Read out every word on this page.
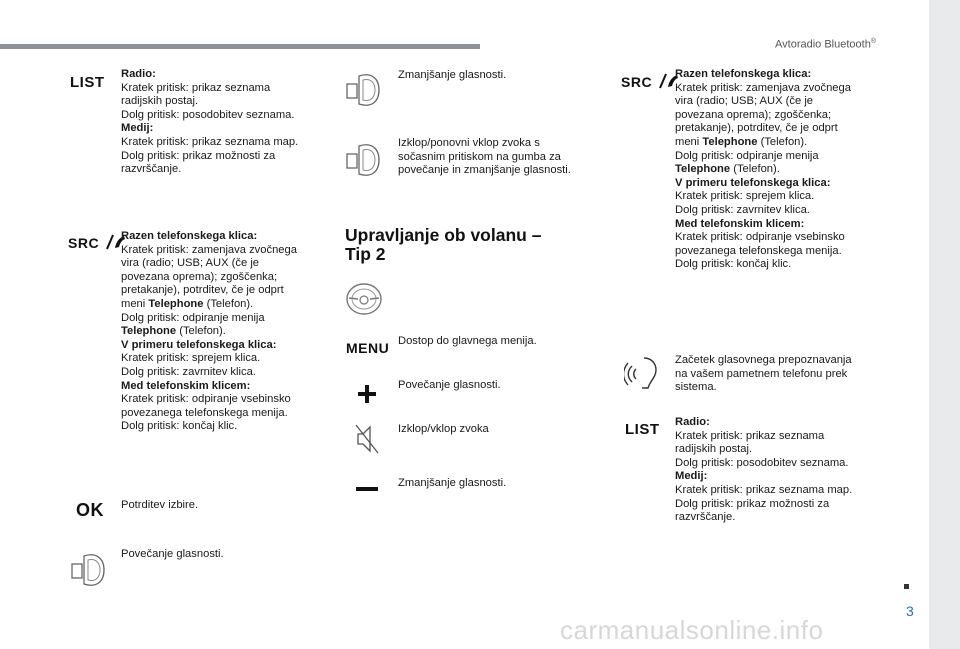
Avtoradio Bluetooth®
LIST Radio:
Kratek pritisk: prikaz seznama
radijskih postaj.
Dolg pritisk: posodobitev seznama.
Medij:
Kratek pritisk: prikaz seznama map.
Dolg pritisk: prikaz možnosti za
razvrščanje.
SRC	Razen telefonskega klica:
Kratek pritisk: zamenjava zvočnega
vira (radio; USB; AUX (če je
povezana oprema); zgoščenka;
pretakanje), potrditev, če je odprt
meni Telephone (Telefon).
Dolg pritisk: odpiranje menija
Telephone (Telefon).
V primeru telefonskega klica:
Kratek pritisk: sprejem klica.
Dolg pritisk: zavrnitev klica.
Med telefonskim klicem:
Kratek pritisk: odpiranje vsebinsko
povezanega telefonskega menija.
Dolg pritisk: končaj klic.
OK Potrditev izbire.
Povečanje glasnosti.
Zmanjšanje glasnosti.
Izklop/ponovni vklop zvoka s
sočasnim pritiskom na gumba za
povečanje in zmanjšanje glasnosti.
Upravljanje ob volanu –
Tip 2
MENU Dostop do glavnega menija.
Povečanje glasnosti.
Izklop/vklop zvoka
Zmanjšanje glasnosti.
SRC	Razen telefonskega klica:
Kratek pritisk: zamenjava zvočnega
vira (radio; USB; AUX (če je
povezana oprema); zgoščenka;
pretakanje), potrditev, če je odprt
meni Telephone (Telefon).
Dolg pritisk: odpiranje menija
Telephone (Telefon).
V primeru telefonskega klica:
Kratek pritisk: sprejem klica.
Dolg pritisk: zavrnitev klica.
Med telefonskim klicem:
Kratek pritisk: odpiranje vsebinsko
povezanega telefonskega menija.
Dolg pritisk: končaj klic.
Začetek glasovnega prepoznavanja
na vašem pametnem telefonu prek
sistema.
LIST Radio:
Kratek pritisk: prikaz seznama
radijskih postaj.
Dolg pritisk: posodobitev seznama.
Medij:
Kratek pritisk: prikaz seznama map.
Dolg pritisk: prikaz možnosti za
razvrščanje.
3
carmanualsonline.info
